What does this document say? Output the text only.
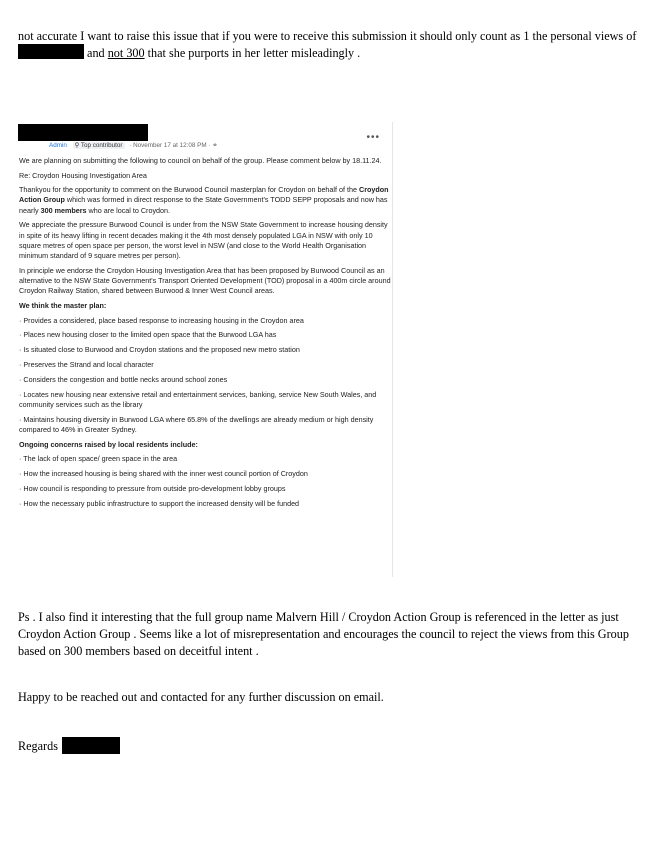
not accurate I want to raise this issue that if you were to receive this submission it should only count as 1 the personal views of
and not 300 that she purports in her letter misleadingly .
Admin ⚲ Top contributor · November 17 at 12:08 PM · ⚭
•••

We are planning on submitting the following to council on behalf of the group. Please comment below by 18.11.24.

Re: Croydon Housing Investigation Area

Thankyou for the opportunity to comment on the Burwood Council masterplan for Croydon on behalf of the Croydon Action Group which was formed in direct response to the State Government's TODD SEPP proposals and now has nearly 300 members who are local to Croydon.

We appreciate the pressure Burwood Council is under from the NSW State Government to increase housing density in spite of its heavy lifting in recent decades making it the 4th most densely populated LGA in NSW with only 10 square metres of open space per person, the worst level in NSW (and close to the World Health Organisation minimum standard of 9 square metres per person).

In principle we endorse the Croydon Housing Investigation Area that has been proposed by Burwood Council as an alternative to the NSW State Government's Transport Oriented Development (TOD) proposal in a 400m circle around Croydon Railway Station, shared between Burwood & Inner West Council areas.

We think the master plan:

· Provides a considered, place based response to increasing housing in the Croydon area

· Places new housing closer to the limited open space that the Burwood LGA has

· Is situated close to Burwood and Croydon stations and the proposed new metro station

· Preserves the Strand and local character

· Considers the congestion and bottle necks around school zones

· Locates new housing near extensive retail and entertainment services, banking, service New South Wales, and community services such as the library

· Maintains housing diversity in Burwood LGA where 65.8% of the dwellings are already medium or high density compared to 46% in Greater Sydney.

Ongoing concerns raised by local residents include:

· The lack of open space/ green space in the area

· How the increased housing is being shared with the inner west council portion of Croydon

· How council is responding to pressure from outside pro-development lobby groups

· How the necessary public infrastructure to support the increased density will be funded

Ps . I also find it interesting that the full group name Malvern Hill / Croydon Action Group is referenced in the letter as just
Croydon Action Group . Seems like a lot of misrepresentation and encourages the council to reject the views from this Group
based on 300 members based on deceitful intent .
Happy to be reached out and contacted for any further discussion on email.
Regards
